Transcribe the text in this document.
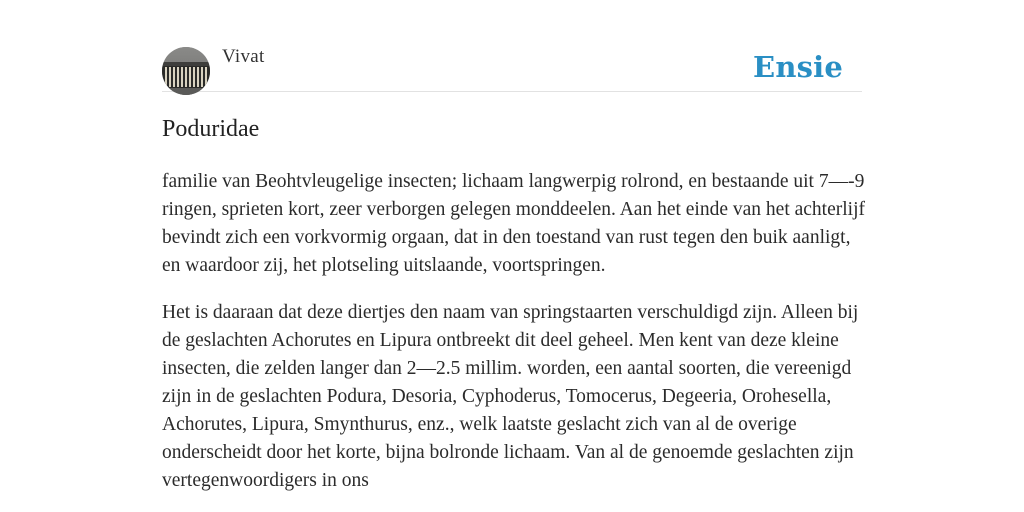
Vivat	Ensie
Poduridae

familie van Beohtvleugelige insecten; lichaam langwerpig rolrond, en bestaande uit 7—-9 ringen, sprieten kort, zeer verborgen gelegen monddeelen. Aan het einde van het achterlijf bevindt zich een vorkvormig orgaan, dat in den toestand van rust tegen den buik aanligt, en waardoor zij, het plotseling uitslaande, voortspringen.

Het is daaraan dat deze diertjes den naam van springstaarten verschuldigd zijn. Alleen bij de geslachten Achorutes en Lipura ontbreekt dit deel geheel. Men kent van deze kleine insecten, die zelden langer dan 2—2.5 millim. worden, een aantal soorten, die vereenigd zijn in de geslachten Podura, Desoria, Cyphoderus, Tomocerus, Degeeria, Orohesella, Achorutes, Lipura, Smynthurus, enz., welk laatste geslacht zich van al de overige onderscheidt door het korte, bijna bolronde lichaam. Van al de genoemde geslachten zijn vertegenwoordigers in ons
